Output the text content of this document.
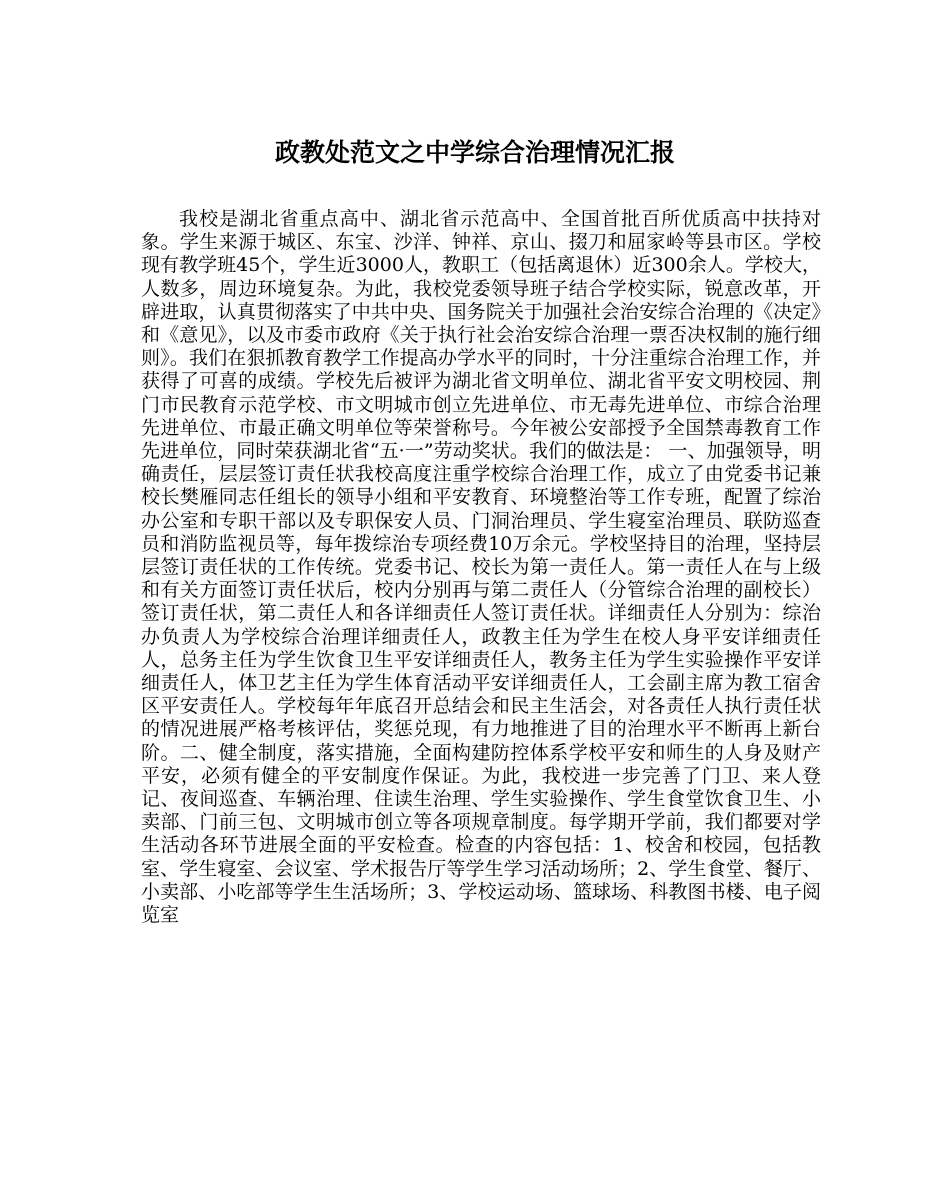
政教处范文之中学综合治理情况汇报

我校是湖北省重点高中、湖北省示范高中、全国首批百所优质高中扶持对象。学生来源于城区、东宝、沙洋、钟祥、京山、掇刀和屈家岭等县市区。学校现有教学班45个，学生近3000人，教职工（包括离退休）近300余人。学校大，人数多，周边环境复杂。为此，我校党委领导班子结合学校实际，锐意改革，开辟进取，认真贯彻落实了中共中央、国务院关于加强社会治安综合治理的《决定》和《意见》，以及市委市政府《关于执行社会治安综合治理一票否决权制的施行细则》。我们在狠抓教育教学工作提高办学水平的同时，十分注重综合治理工作，并获得了可喜的成绩。学校先后被评为湖北省文明单位、湖北省平安文明校园、荆门市民教育示范学校、市文明城市创立先进单位、市无毒先进单位、市综合治理先进单位、市最正确文明单位等荣誉称号。今年被公安部授予全国禁毒教育工作先进单位，同时荣获湖北省“五·一”劳动奖状。我们的做法是： 一、加强领导，明确责任，层层签订责任状我校高度注重学校综合治理工作，成立了由党委书记兼校长樊雁同志任组长的领导小组和平安教育、环境整治等工作专班，配置了综治办公室和专职干部以及专职保安人员、门洞治理员、学生寝室治理员、联防巡查员和消防监视员等，每年拨综治专项经费10万余元。学校坚持目的治理，坚持层层签订责任状的工作传统。党委书记、校长为第一责任人。第一责任人在与上级和有关方面签订责任状后，校内分别再与第二责任人（分管综合治理的副校长）签订责任状，第二责任人和各详细责任人签订责任状。详细责任人分别为：综治办负责人为学校综合治理详细责任人，政教主任为学生在校人身平安详细责任人，总务主任为学生饮食卫生平安详细责任人，教务主任为学生实验操作平安详细责任人，体卫艺主任为学生体育活动平安详细责任人，工会副主席为教工宿舍区平安责任人。学校每年年底召开总结会和民主生活会，对各责任人执行责任状的情况进展严格考核评估，奖惩兑现，有力地推进了目的治理水平不断再上新台阶。二、健全制度，落实措施，全面构建防控体系学校平安和师生的人身及财产平安，必须有健全的平安制度作保证。为此，我校进一步完善了门卫、来人登记、夜间巡查、车辆治理、住读生治理、学生实验操作、学生食堂饮食卫生、小卖部、门前三包、文明城市创立等各项规章制度。每学期开学前，我们都要对学生活动各环节进展全面的平安检查。检查的内容包括：1、校舍和校园，包括教室、学生寝室、会议室、学术报告厅等学生学习活动场所；2、学生食堂、餐厅、小卖部、小吃部等学生生活场所；3、学校运动场、篮球场、科教图书楼、电子阅览室
